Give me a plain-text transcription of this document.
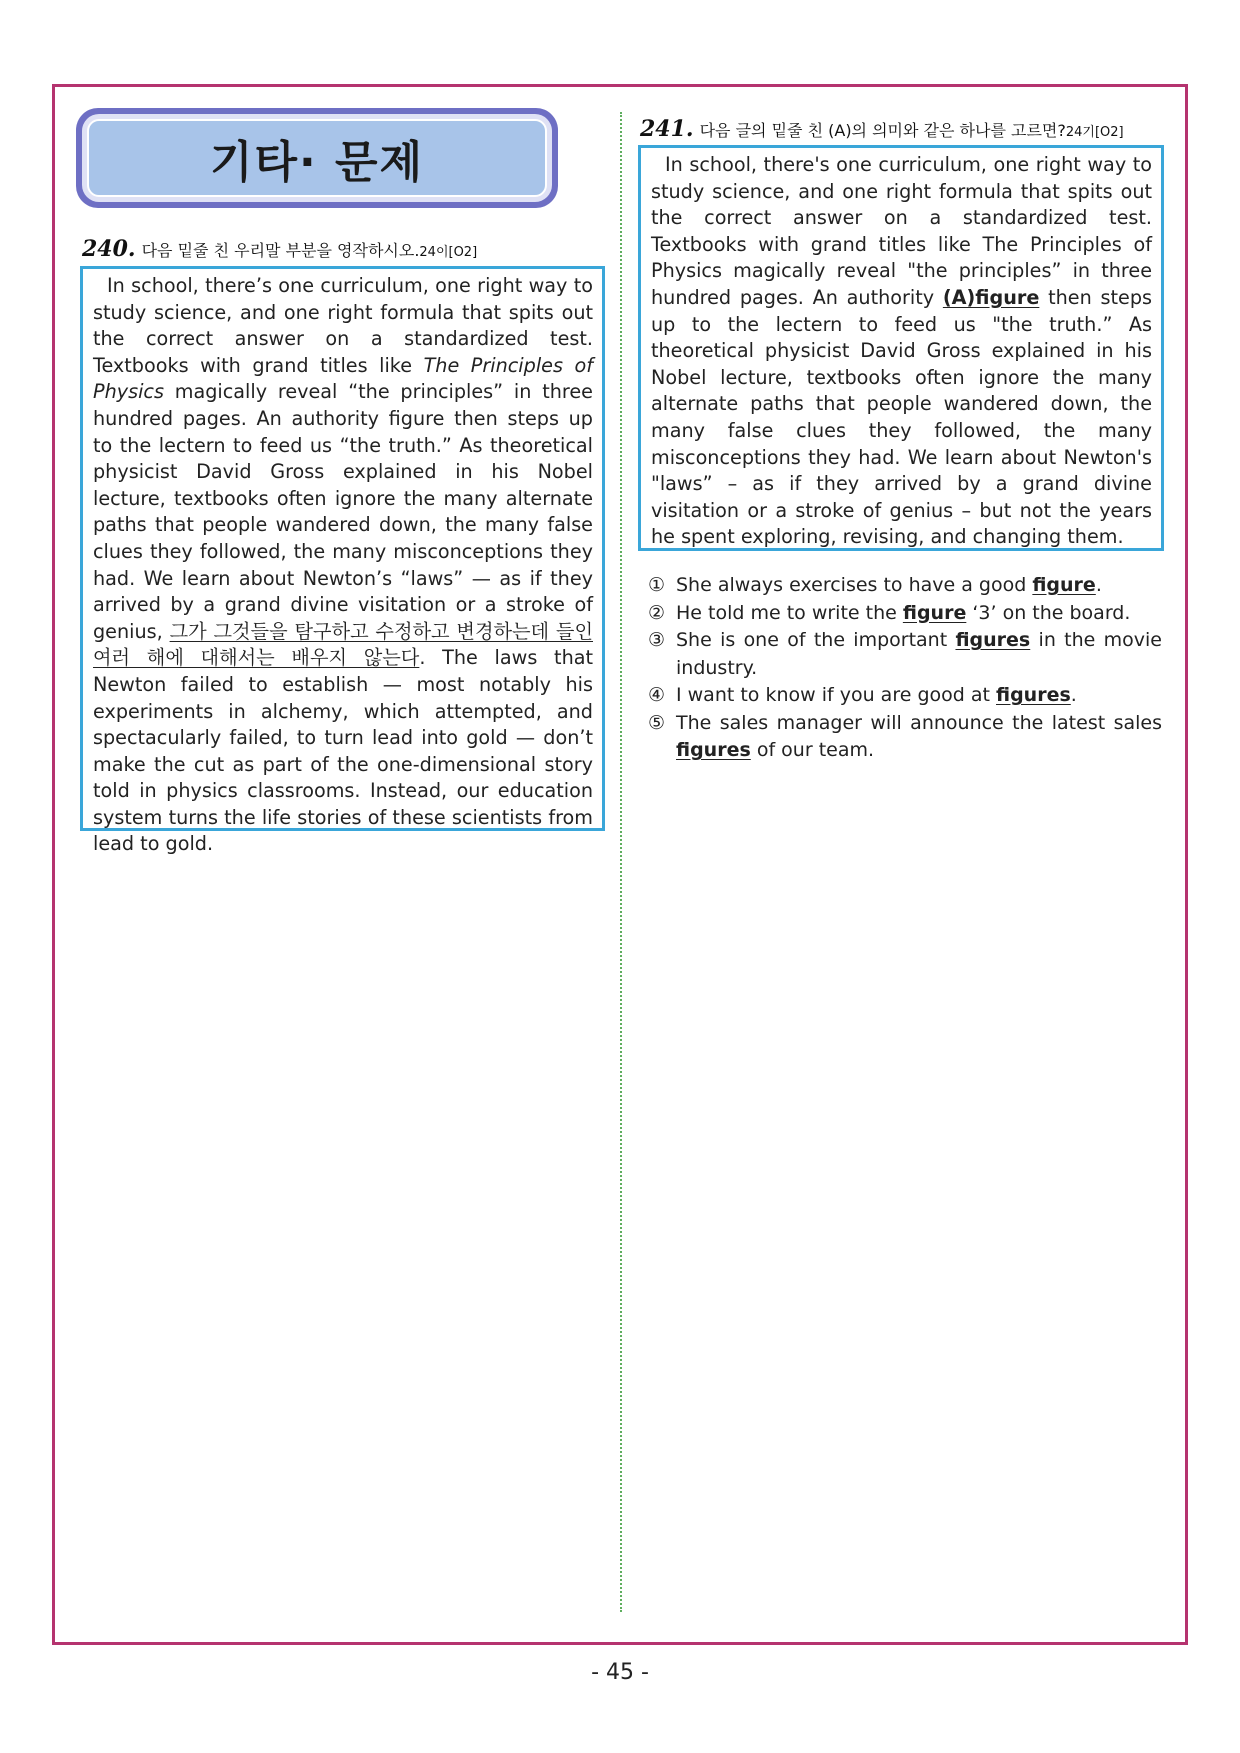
기타· 문제
240. 다음 밑줄 친 우리말 부분을 영작하시오.24이[O2]
In school, there’s one curriculum, one right way to study science, and one right formula that spits out the correct answer on a standardized test. Textbooks with grand titles like The Principles of Physics magically reveal “the principles” in three hundred pages. An authority figure then steps up to the lectern to feed us “the truth.” As theoretical physicist David Gross explained in his Nobel lecture, textbooks often ignore the many alternate paths that people wandered down, the many false clues they followed, the many misconceptions they had. We learn about Newton’s “laws” — as if they arrived by a grand divine visitation or a stroke of genius, 그가 그것들을 탐구하고 수정하고 변경하는데 들인 여러 해에 대해서는 배우지 않는다. The laws that Newton failed to establish — most notably his experiments in alchemy, which attempted, and spectacularly failed, to turn lead into gold — don’t make the cut as part of the one-dimensional story told in physics classrooms. Instead, our education system turns the life stories of these scientists from lead to gold.
241. 다음 글의 밑줄 친 (A)의 의미와 같은 하나를 고르면?24기[O2]
In school, there's one curriculum, one right way to study science, and one right formula that spits out the correct answer on a standardized test. Textbooks with grand titles like The Principles of Physics magically reveal "the principles” in three hundred pages. An authority (A)figure then steps up to the lectern to feed us "the truth.” As theoretical physicist David Gross explained in his Nobel lecture, textbooks often ignore the many alternate paths that people wandered down, the many false clues they followed, the many misconceptions they had. We learn about Newton's "laws” – as if they arrived by a grand divine visitation or a stroke of genius – but not the years he spent exploring, revising, and changing them.
① She always exercises to have a good figure.
② He told me to write the figure ‘3’ on the board.
③ She is one of the important figures in the movie industry.
④ I want to know if you are good at figures.
⑤ The sales manager will announce the latest sales figures of our team.
- 45 -
